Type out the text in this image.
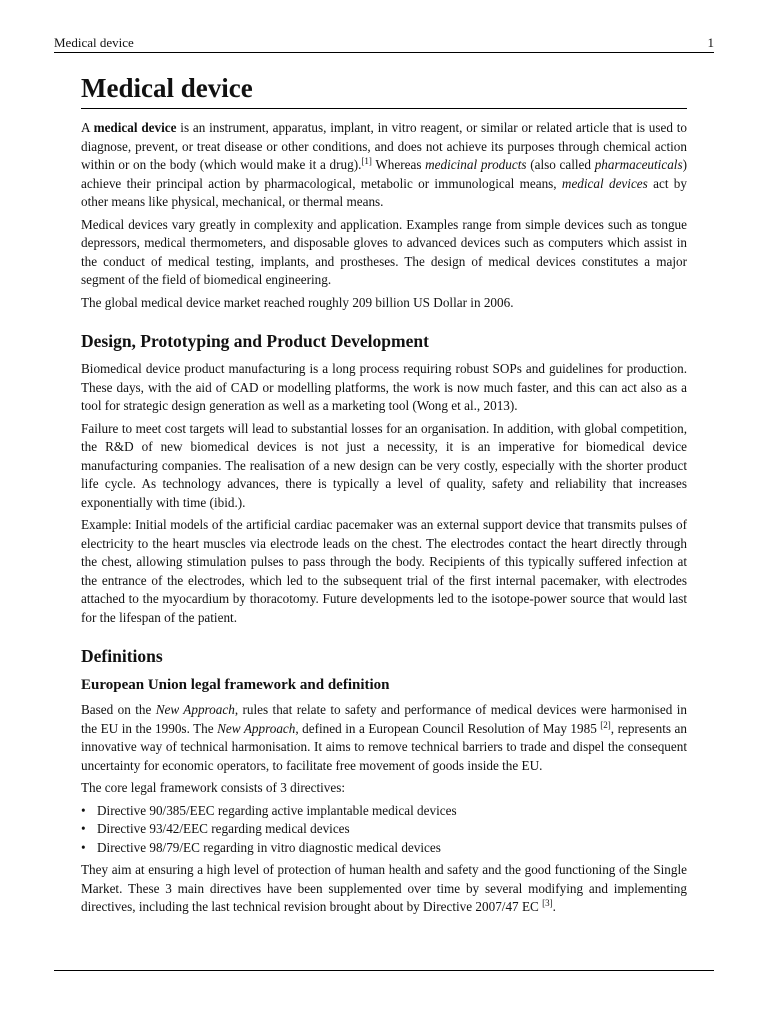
Medical device	1
Medical device

A medical device is an instrument, apparatus, implant, in vitro reagent, or similar or related article that is used to diagnose, prevent, or treat disease or other conditions, and does not achieve its purposes through chemical action within or on the body (which would make it a drug).[1] Whereas medicinal products (also called pharmaceuticals) achieve their principal action by pharmacological, metabolic or immunological means, medical devices act by other means like physical, mechanical, or thermal means.

Medical devices vary greatly in complexity and application. Examples range from simple devices such as tongue depressors, medical thermometers, and disposable gloves to advanced devices such as computers which assist in the conduct of medical testing, implants, and prostheses. The design of medical devices constitutes a major segment of the field of biomedical engineering.

The global medical device market reached roughly 209 billion US Dollar in 2006.

Design, Prototyping and Product Development

Biomedical device product manufacturing is a long process requiring robust SOPs and guidelines for production. These days, with the aid of CAD or modelling platforms, the work is now much faster, and this can act also as a tool for strategic design generation as well as a marketing tool (Wong et al., 2013).

Failure to meet cost targets will lead to substantial losses for an organisation. In addition, with global competition, the R&D of new biomedical devices is not just a necessity, it is an imperative for biomedical device manufacturing companies. The realisation of a new design can be very costly, especially with the shorter product life cycle. As technology advances, there is typically a level of quality, safety and reliability that increases exponentially with time (ibid.).

Example: Initial models of the artificial cardiac pacemaker was an external support device that transmits pulses of electricity to the heart muscles via electrode leads on the chest. The electrodes contact the heart directly through the chest, allowing stimulation pulses to pass through the body. Recipients of this typically suffered infection at the entrance of the electrodes, which led to the subsequent trial of the first internal pacemaker, with electrodes attached to the myocardium by thoracotomy. Future developments led to the isotope-power source that would last for the lifespan of the patient.

Definitions
European Union legal framework and definition

Based on the New Approach, rules that relate to safety and performance of medical devices were harmonised in the EU in the 1990s. The New Approach, defined in a European Council Resolution of May 1985 [2], represents an innovative way of technical harmonisation. It aims to remove technical barriers to trade and dispel the consequent uncertainty for economic operators, to facilitate free movement of goods inside the EU.

The core legal framework consists of 3 directives:

• Directive 90/385/EEC regarding active implantable medical devices
• Directive 93/42/EEC regarding medical devices
• Directive 98/79/EC regarding in vitro diagnostic medical devices

They aim at ensuring a high level of protection of human health and safety and the good functioning of the Single Market. These 3 main directives have been supplemented over time by several modifying and implementing directives, including the last technical revision brought about by Directive 2007/47 EC [3].
